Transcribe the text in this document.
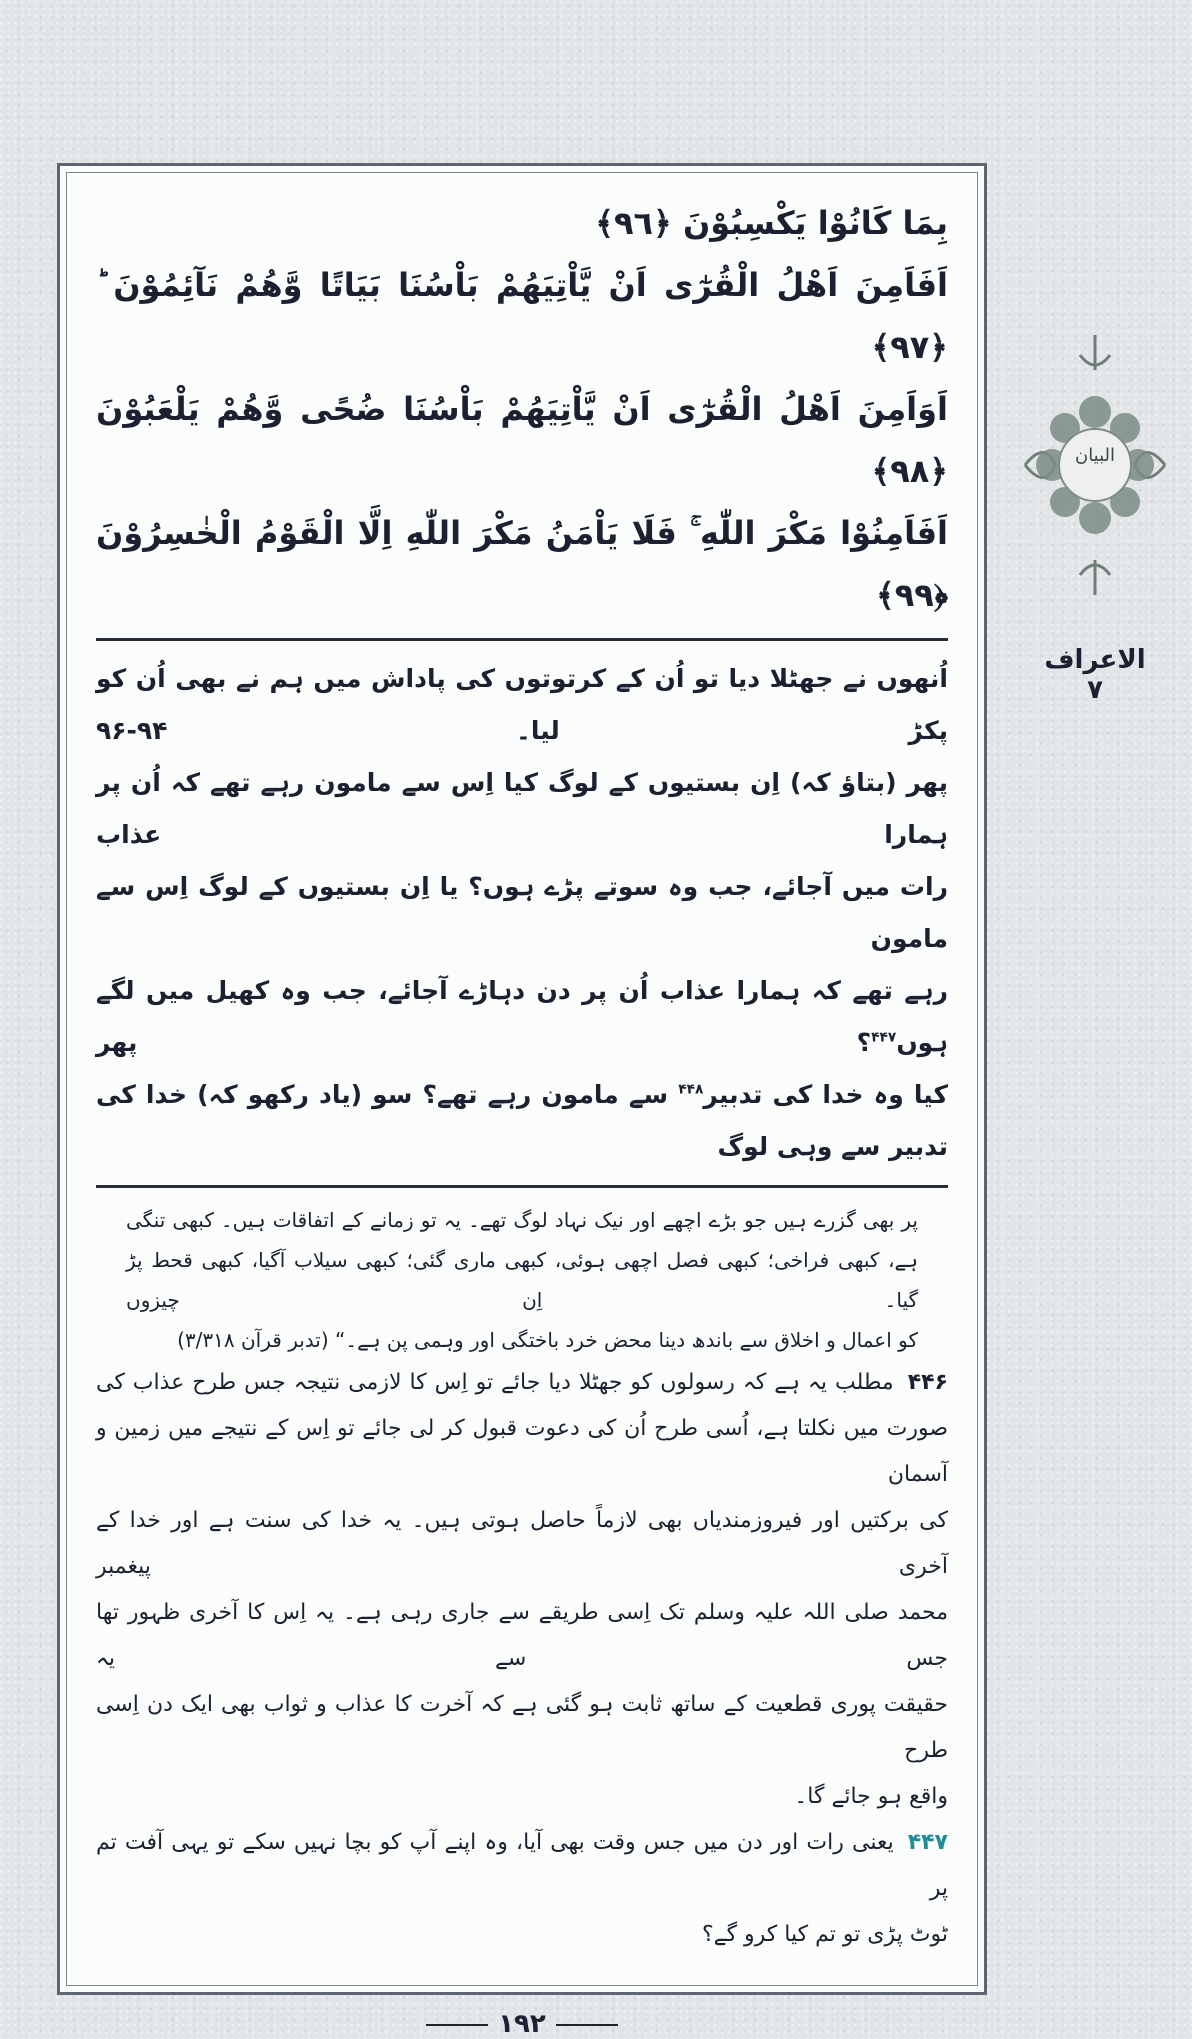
بِمَا كَانُوْا يَكْسِبُوْنَ ﴿٩٦﴾
اَفَاَمِنَ اَهْلُ الْقُرٰٓى اَنْ يَّاْتِيَهُمْ بَاْسُنَا بَيَاتًا وَّهُمْ نَآئِمُوْنَ ؕ ﴿٩٧﴾
اَوَاَمِنَ اَهْلُ الْقُرٰٓى اَنْ يَّاْتِيَهُمْ بَاْسُنَا ضُحًى وَّهُمْ يَلْعَبُوْنَ ﴿٩٨﴾
اَفَاَمِنُوْا مَكْرَ اللّٰهِ ۚ فَلَا يَاْمَنُ مَكْرَ اللّٰهِ اِلَّا الْقَوْمُ الْخٰسِرُوْنَ ﴿٩٩﴾
اُنھوں نے جھٹلا دیا تو اُن کے کرتوتوں کی پاداش میں ہم نے بھی اُن کو پکڑ لیا۔ ۹۴-۹۶
پھر (بتاؤ کہ) اِن بستیوں کے لوگ کیا اِس سے مامون رہے تھے کہ اُن پر ہمارا عذاب
رات میں آجائے، جب وہ سوتے پڑے ہوں؟ یا اِن بستیوں کے لوگ اِس سے مامون
رہے تھے کہ ہمارا عذاب اُن پر دن دہاڑے آجائے، جب وہ کھیل میں لگے ہوں$^{۴۴۷}$؟ پھر
کیا وہ خدا کی تدبیر$^{۴۴۸}$ سے مامون رہے تھے؟ سو (یاد رکھو کہ) خدا کی تدبیر سے وہی لوگ
پر بھی گزرے ہیں جو بڑے اچھے اور نیک نہاد لوگ تھے۔ یہ تو زمانے کے اتفاقات ہیں۔ کبھی تنگی
ہے، کبھی فراخی؛ کبھی فصل اچھی ہوئی، کبھی ماری گئی؛ کبھی سیلاب آگیا، کبھی قحط پڑ گیا۔ اِن چیزوں
کو اعمال و اخلاق سے باندھ دینا محض خرد باختگی اور وہمی پن ہے۔“ (تدبر قرآن ۳/۳۱۸)
۴۴۶مطلب یہ ہے کہ رسولوں کو جھٹلا دیا جائے تو اِس کا لازمی نتیجہ جس طرح عذاب کی
صورت میں نکلتا ہے، اُسی طرح اُن کی دعوت قبول کر لی جائے تو اِس کے نتیجے میں زمین و آسمان
کی برکتیں اور فیروزمندیاں بھی لازماً حاصل ہوتی ہیں۔ یہ خدا کی سنت ہے اور خدا کے آخری پیغمبر
محمد صلی اللہ علیہ وسلم تک اِسی طریقے سے جاری رہی ہے۔ یہ اِس کا آخری ظہور تھا جس سے یہ
حقیقت پوری قطعیت کے ساتھ ثابت ہو گئی ہے کہ آخرت کا عذاب و ثواب بھی ایک دن اِسی طرح
واقع ہو جائے گا۔
۴۴۷یعنی رات اور دن میں جس وقت بھی آیا، وہ اپنے آپ کو بچا نہیں سکے تو یہی آفت تم پر
ٹوٹ پڑی تو تم کیا کرو گے؟
۱۹۲
البیان
الاعراف
۷
